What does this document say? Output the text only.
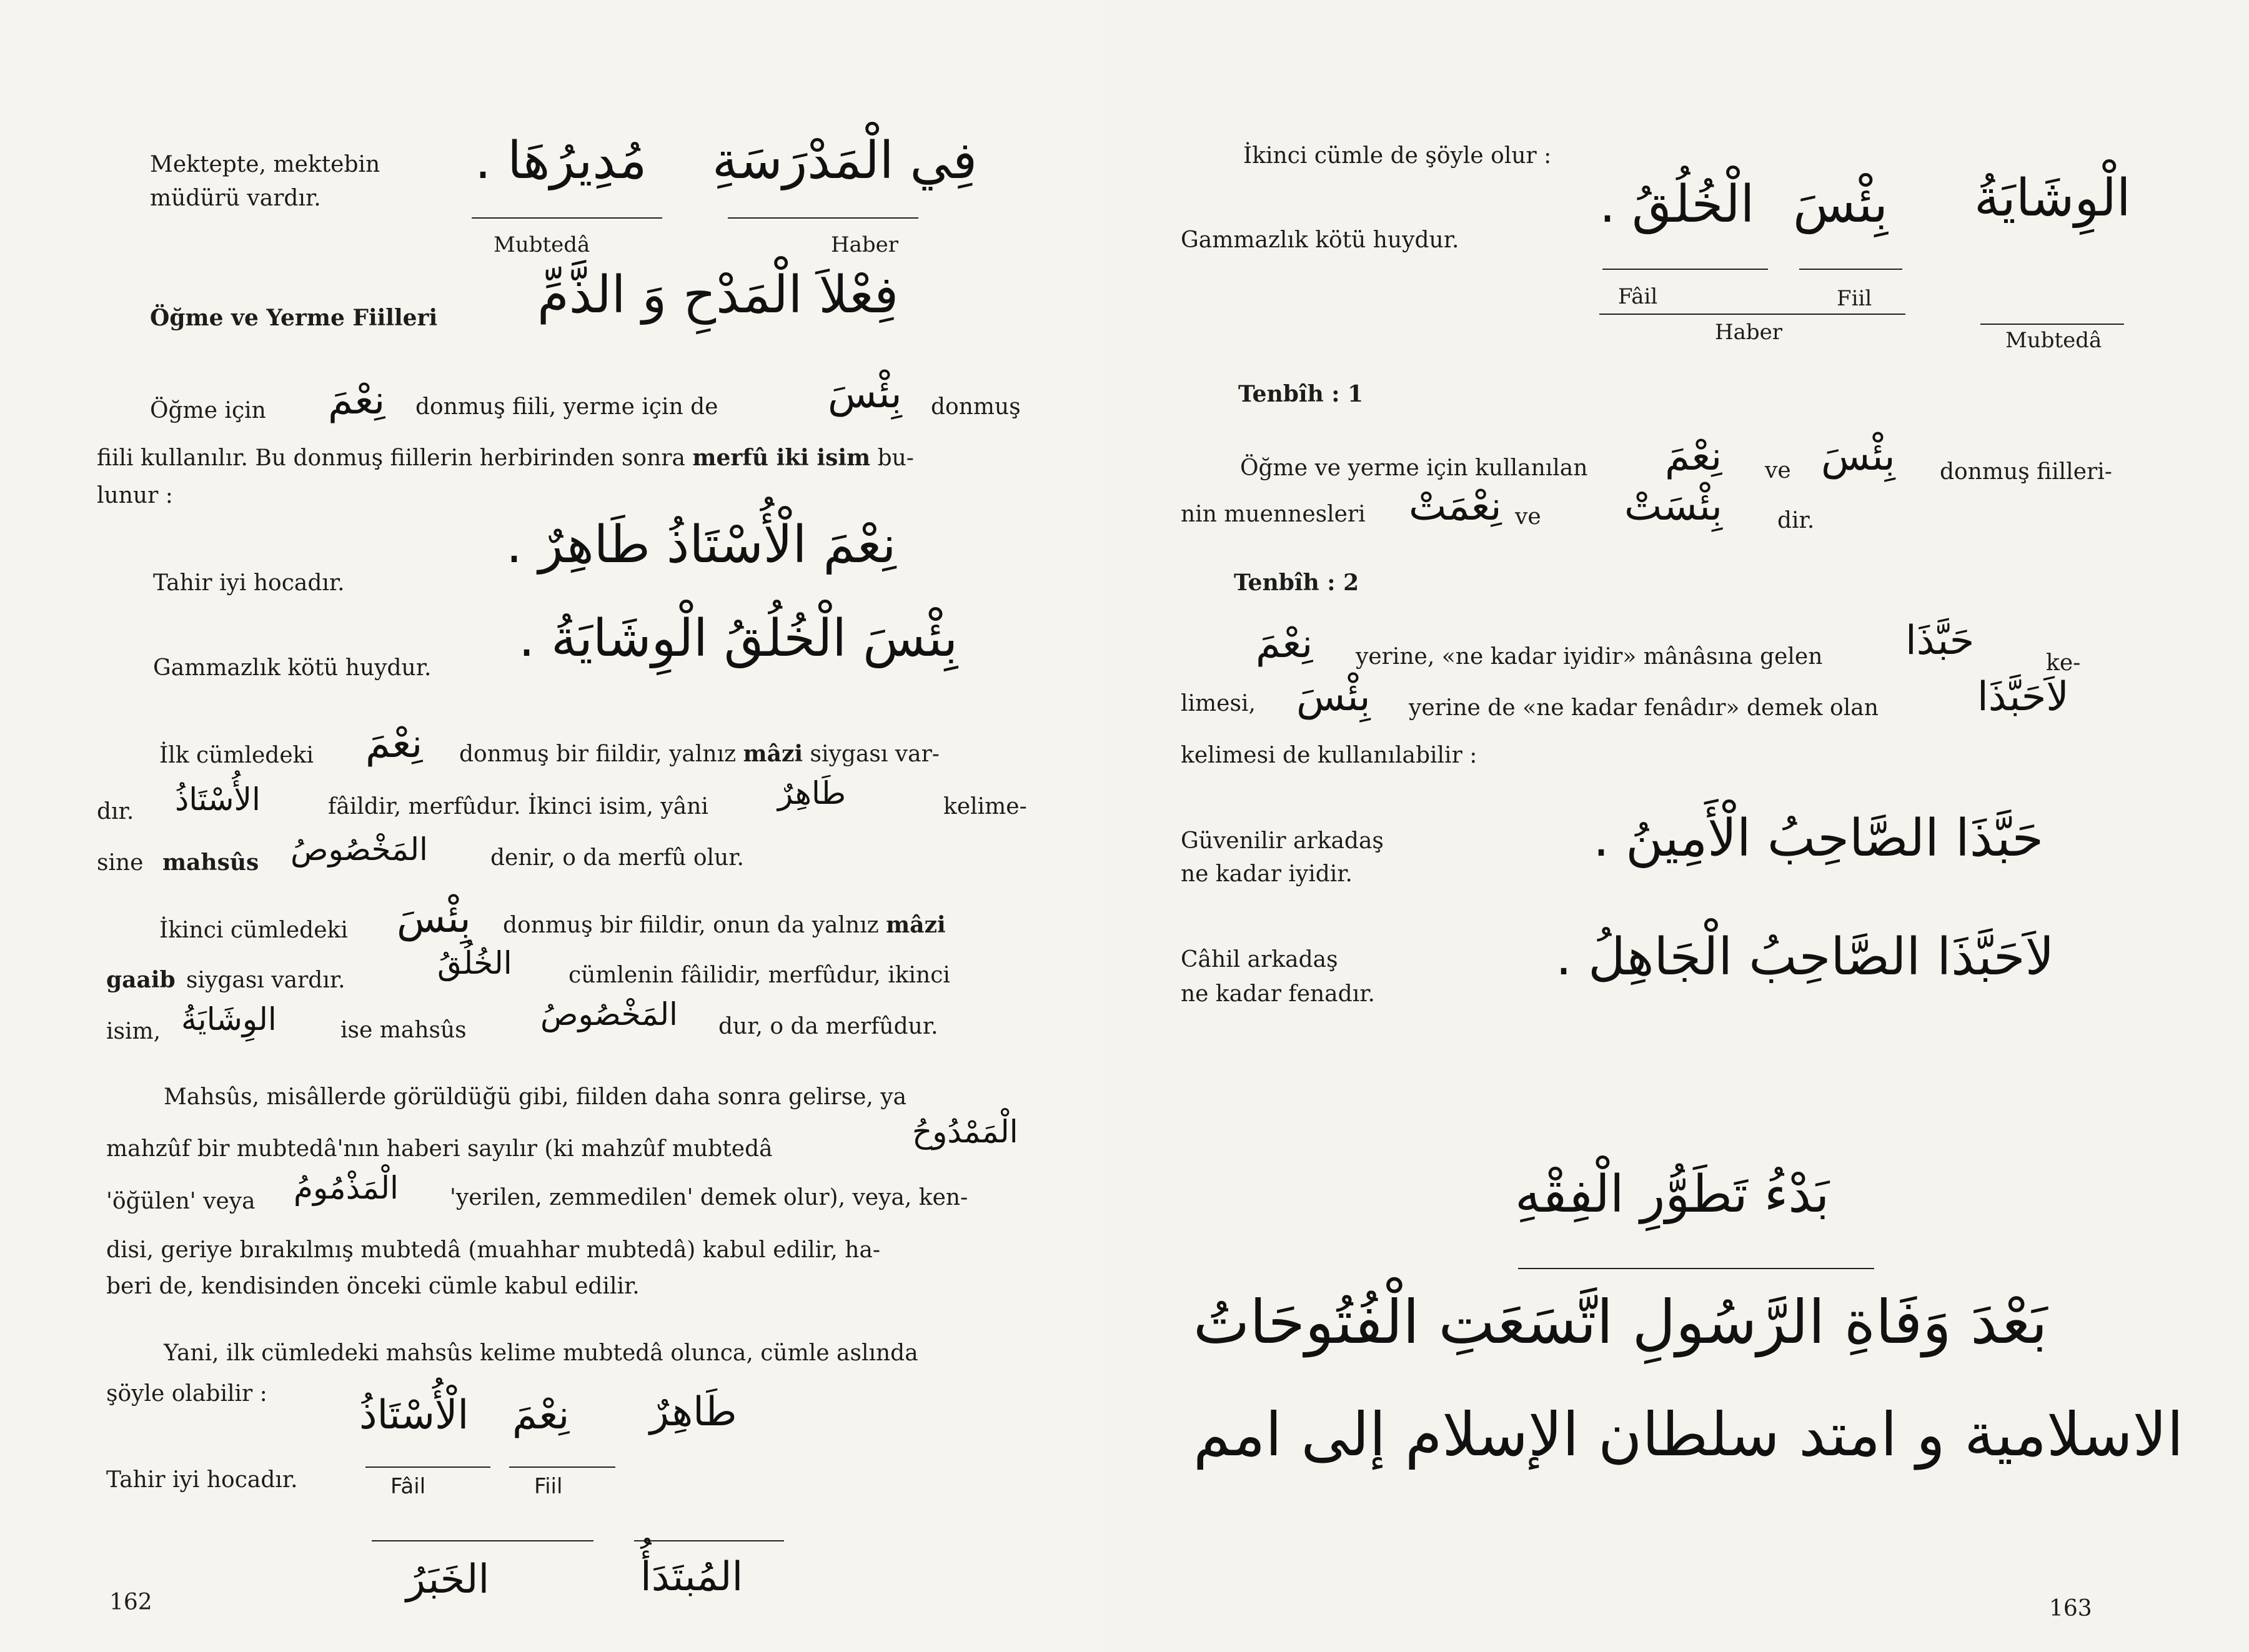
Mektepte, mektebin
müdürü vardır.
مُدِيرُهَا . فِي الْمَدْرَسَةِ
Mubtedâ	Haber
Öğme ve Yerme Fiilleri فِعْلاَ الْمَدْحِ وَ الذَّمِّ
Öğme için نِعْمَ donmuş fiili, yerme için de	بِئْسَ donmuş
fiili kullanılır. Bu donmuş fiillerin herbirinden sonra merfû iki isim bu-
lunur :
Tahir iyi hocadır.
نِعْمَ الْأُسْتَاذُ طَاهِرٌ .
Gammazlık kötü huydur. بِئْسَ الْخُلُقُ الْوِشَايَةُ .
İlk cümledeki نِعْمَ donmuş bir fiildir, yalnız mâzi siygası var-
dır. الأُسْتَاذُ	fâildir, merfûdur. İkinci isim, yâni طَاهِرٌ	kelime-
sine mahsûs المَخْصُوصُ	denir, o da merfû olur.
İkinci cümledeki بِئْسَ donmuş bir fiildir, onun da yalnız mâzi
gaaib siygası vardır.	الخُلُقُ	cümlenin fâilidir, merfûdur, ikinci
isim, الوِشَايَةُ	ise mahsûs المَخْصُوصُ dur, o da merfûdur.
Mahsûs, misâllerde görüldüğü gibi, fiilden daha sonra gelirse, ya
mahzûf bir mubtedâ'nın haberi sayılır (ki mahzûf mubtedâ	الْمَمْدُوحُ
'öğülen' veya الْمَذْمُومُ 'yerilen, zemmedilen' demek olur), veya, ken-
disi, geriye bırakılmış mubtedâ (muahhar mubtedâ) kabul edilir, ha-
beri de, kendisinden önceki cümle kabul edilir.
Yani, ilk cümledeki mahsûs kelime mubtedâ olunca, cümle aslında
şöyle olabilir :
Tahir iyi hocadır.
الْأُسْتَاذُ نِعْمَ طَاهِرٌ
Fâil	Fiil
الخَبَرُ	المُبتَدَأُ
162
İkinci cümle de şöyle olur :
Gammazlık kötü huydur.
الْخُلُقُ . بِئْسَ الْوِشَايَةُ
Fâil	Fiil
Haber	Mubtedâ
Tenbîh : 1
Öğme ve yerme için kullanılan نِعْمَ ve بِئْسَ donmuş fiilleri-
nin muennesleri نِعْمَتْ ve بِئْسَتْ dir.
Tenbîh : 2
نِعْمَ yerine, «ne kadar iyidir» mânâsına gelen حَبَّذَا	ke-
limesi, بِئْسَ yerine de «ne kadar fenâdır» demek olan لاَحَبَّذَا
kelimesi de kullanılabilir :
Güvenilir arkadaş
ne kadar iyidir.
حَبَّذَا الصَّاحِبُ الْأَمِينُ .
Câhil arkadaş
ne kadar fenadır.
لاَحَبَّذَا الصَّاحِبُ الْجَاهِلُ .
بَدْءُ تَطَوُّرِ الْفِقْهِ
بَعْدَ وَفَاةِ الرَّسُولِ اتَّسَعَتِ الْفُتُوحَاتُ
الاسلامية و امتد سلطان الإسلام إلى امم
163
